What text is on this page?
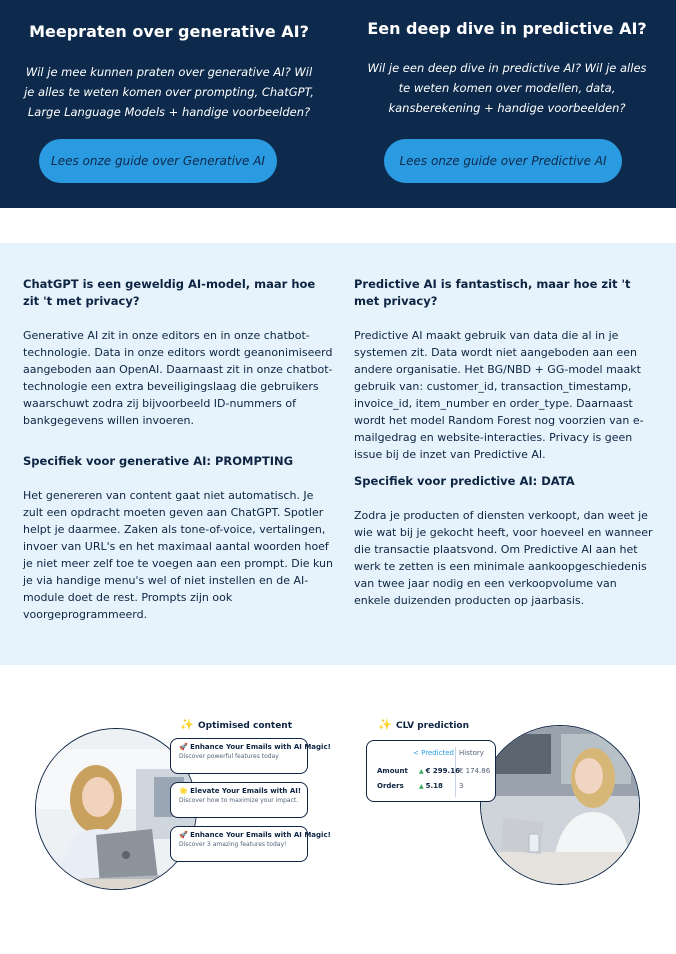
Meepraten over generative AI?

Wil je mee kunnen praten over generative AI? Wil je alles te weten komen over prompting, ChatGPT, Large Language Models + handige voorbeelden?

Lees onze guide over Generative AI
Een deep dive in predictive AI?

Wil je een deep dive in predictive AI? Wil je alles te weten komen over modellen, data, kansberekening + handige voorbeelden?

Lees onze guide over Predictive AI
ChatGPT is een geweldig AI-model, maar hoe zit 't met privacy?

Generative AI zit in onze editors en in onze chatbot-technologie. Data in onze editors wordt geanonimiseerd aangeboden aan OpenAI. Daarnaast zit in onze chatbot-technologie een extra beveiligingslaag die gebruikers waarschuwt zodra zij bijvoorbeeld ID-nummers of bankgegevens willen invoeren.

Specifiek voor generative AI: PROMPTING

Het genereren van content gaat niet automatisch. Je zult een opdracht moeten geven aan ChatGPT. Spotler helpt je daarmee. Zaken als tone-of-voice, vertalingen, invoer van URL's en het maximaal aantal woorden hoef je niet meer zelf toe te voegen aan een prompt. Die kun je via handige menu's wel of niet instellen en de AI-module doet de rest. Prompts zijn ook voorgeprogrammeerd.

Predictive AI is fantastisch, maar hoe zit 't met privacy?

Predictive AI maakt gebruik van data die al in je systemen zit. Data wordt niet aangeboden aan een andere organisatie. Het BG/NBD + GG-model maakt gebruik van: customer_id, transaction_timestamp, invoice_id, item_number en order_type. Daarnaast wordt het model Random Forest nog voorzien van e-mailgedrag en website-interacties. Privacy is geen issue bij de inzet van Predictive AI.

Specifiek voor predictive AI: DATA

Zodra je producten of diensten verkoopt, dan weet je wie wat bij je gekocht heeft, voor hoeveel en wanneer die transactie plaatsvond. Om Predictive AI aan het werk te zetten is een minimale aankoopgeschiedenis van twee jaar nodig en een verkoopvolume van enkele duizenden producten op jaarbasis.

✨ Optimised content
🚀 Enhance Your Emails with AI Magic!
Discover powerful features today
🌟 Elevate Your Emails with AI!
Discover how to maximize your impact.
🚀 Enhance Your Emails with AI Magic!
Discover 3 amazing features today!
✨ CLV prediction
< Predicted History
Amount ▲ € 299.16 € 174.86
Orders	▲ 5.18 3
